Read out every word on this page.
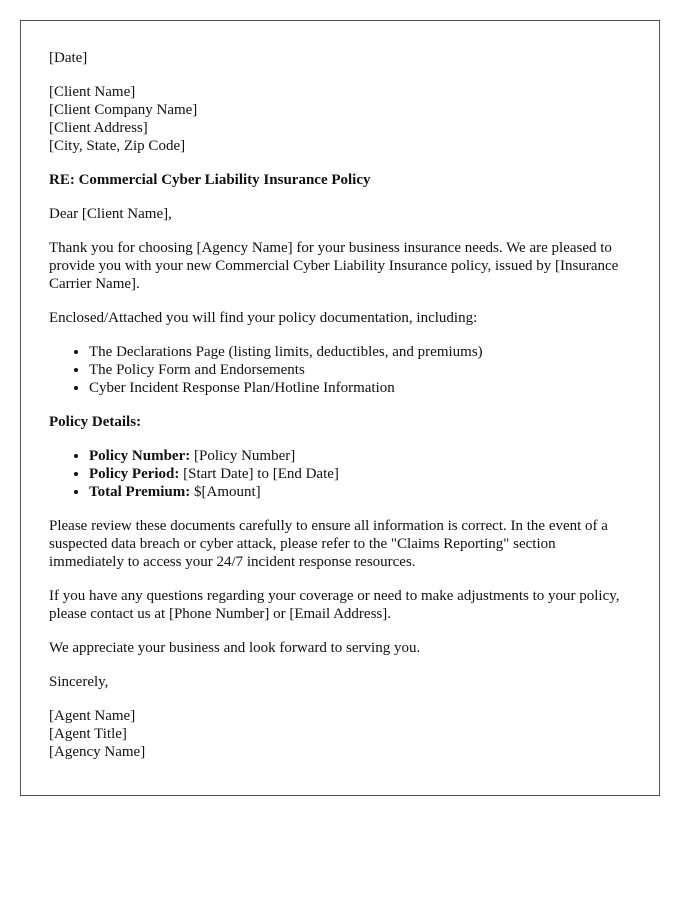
[Date]

[Client Name]
[Client Company Name]
[Client Address]
[City, State, Zip Code]

RE: Commercial Cyber Liability Insurance Policy

Dear [Client Name],

Thank you for choosing [Agency Name] for your business insurance needs. We are pleased to provide you with your new Commercial Cyber Liability Insurance policy, issued by [Insurance Carrier Name].

Enclosed/Attached you will find your policy documentation, including:

• The Declarations Page (listing limits, deductibles, and premiums)
• The Policy Form and Endorsements
• Cyber Incident Response Plan/Hotline Information

Policy Details:

• Policy Number: [Policy Number]
• Policy Period: [Start Date] to [End Date]
• Total Premium: $[Amount]

Please review these documents carefully to ensure all information is correct. In the event of a suspected data breach or cyber attack, please refer to the "Claims Reporting" section immediately to access your 24/7 incident response resources.

If you have any questions regarding your coverage or need to make adjustments to your policy, please contact us at [Phone Number] or [Email Address].

We appreciate your business and look forward to serving you.

Sincerely,

[Agent Name]
[Agent Title]
[Agency Name]
